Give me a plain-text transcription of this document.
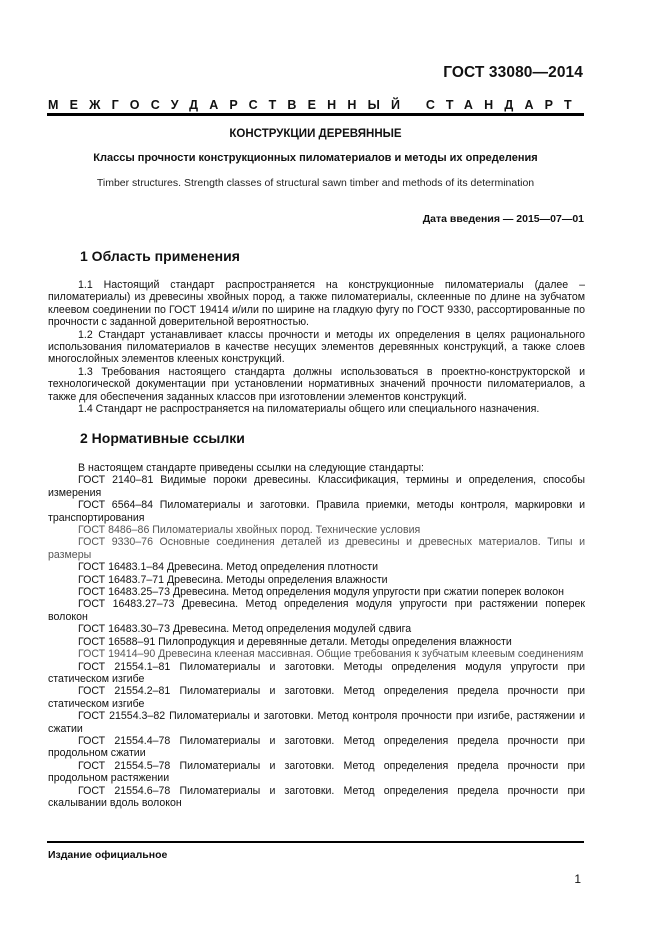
ГОСТ 33080—2014
МЕЖГОСУДАРСТВЕННЫЙ СТАНДАРТ
КОНСТРУКЦИИ ДЕРЕВЯННЫЕ
Классы прочности конструкционных пиломатериалов и методы их определения
Timber structures. Strength classes of structural sawn timber and methods of its determination
Дата введения — 2015—07—01
1 Область применения

1.1 Настоящий стандарт распространяется на конструкционные пиломатериалы (далее – пиломатериалы) из древесины хвойных пород, а также пиломатериалы, склеенные по длине на зубчатом клеевом соединении по ГОСТ 19414 и/или по ширине на гладкую фугу по ГОСТ 9330, рассортированные по прочности с заданной доверительной вероятностью.

1.2 Стандарт устанавливает классы прочности и методы их определения в целях рационального использования пиломатериалов в качестве несущих элементов деревянных конструкций, а также слоев многослойных элементов клееных конструкций.

1.3 Требования настоящего стандарта должны использоваться в проектно-конструкторской и технологической документации при установлении нормативных значений прочности пиломатериалов, а также для обеспечения заданных классов при изготовлении элементов конструкций.

1.4 Стандарт не распространяется на пиломатериалы общего или специального назначения.

2 Нормативные ссылки

В настоящем стандарте приведены ссылки на следующие стандарты:

ГОСТ 2140–81 Видимые пороки древесины. Классификация, термины и определения, способы измерения

ГОСТ 6564–84 Пиломатериалы и заготовки. Правила приемки, методы контроля, маркировки и транспортирования

ГОСТ 8486–86 Пиломатериалы хвойных пород. Технические условия

ГОСТ 9330–76 Основные соединения деталей из древесины и древесных материалов. Типы и размеры

ГОСТ 16483.1–84 Древесина. Метод определения плотности

ГОСТ 16483.7–71 Древесина. Методы определения влажности

ГОСТ 16483.25–73 Древесина. Метод определения модуля упругости при сжатии поперек волокон

ГОСТ 16483.27–73 Древесина. Метод определения модуля упругости при растяжении поперек волокон

ГОСТ 16483.30–73 Древесина. Метод определения модулей сдвига

ГОСТ 16588–91 Пилопродукция и деревянные детали. Методы определения влажности

ГОСТ 19414–90 Древесина клееная массивная. Общие требования к зубчатым клеевым соединениям

ГОСТ 21554.1–81 Пиломатериалы и заготовки. Методы определения модуля упругости при статическом изгибе

ГОСТ 21554.2–81 Пиломатериалы и заготовки. Метод определения предела прочности при статическом изгибе

ГОСТ 21554.3–82 Пиломатериалы и заготовки. Метод контроля прочности при изгибе, растяжении и сжатии

ГОСТ 21554.4–78 Пиломатериалы и заготовки. Метод определения предела прочности при продольном сжатии

ГОСТ 21554.5–78 Пиломатериалы и заготовки. Метод определения предела прочности при продольном растяжении

ГОСТ 21554.6–78 Пиломатериалы и заготовки. Метод определения предела прочности при скалывании вдоль волокон

Издание официальное
1
